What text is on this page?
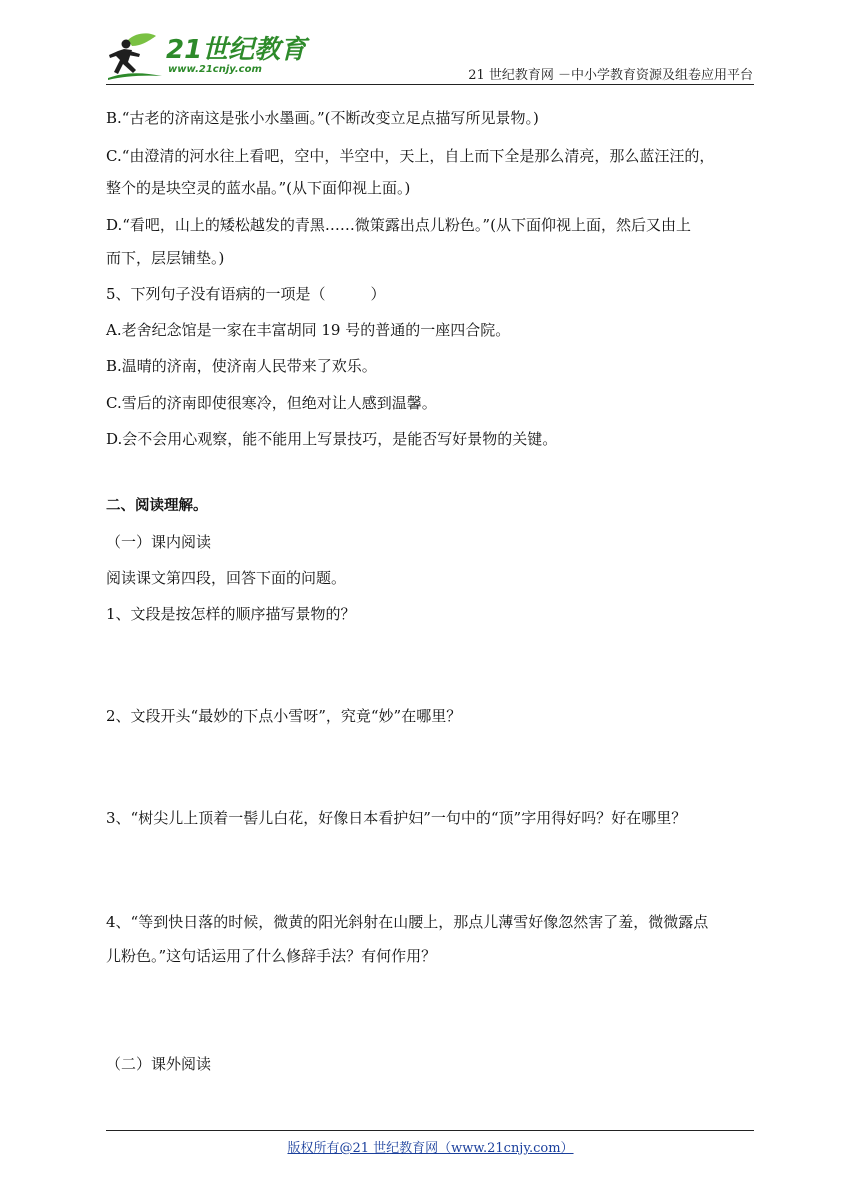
21世纪教育
www.21cnjy.com	21 世纪教育网 －中小学教育资源及组卷应用平台

B.“古老的济南这是张小水墨画。”(不断改变立足点描写所见景物。)

C.“由澄清的河水往上看吧，空中，半空中，天上，自上而下全是那么清亮，那么蓝汪汪的，

整个的是块空灵的蓝水晶。”(从下面仰视上面。)

D.“看吧，山上的矮松越发的青黑……微策露出点儿粉色。”(从下面仰视上面，然后又由上

而下，层层铺垫。)

5、下列句子没有语病的一项是（　　　）

A.老舍纪念馆是一家在丰富胡同 19 号的普通的一座四合院。

B.温晴的济南，使济南人民带来了欢乐。

C.雪后的济南即使很寒冷，但绝对让人感到温馨。

D.会不会用心观察，能不能用上写景技巧，是能否写好景物的关键。

二、阅读理解。

（一）课内阅读

阅读课文第四段，回答下面的问题。

1、文段是按怎样的顺序描写景物的？

2、文段开头“最妙的下点小雪呀”，究竟“妙”在哪里？

3、“树尖儿上顶着一髻儿白花，好像日本看护妇”一句中的“顶”字用得好吗？好在哪里？

4、“等到快日落的时候，微黄的阳光斜射在山腰上，那点儿薄雪好像忽然害了羞，微微露点

儿粉色。”这句话运用了什么修辞手法？有何作用？

（二）课外阅读

版权所有@21 世纪教育网（www.21cnjy.com）
